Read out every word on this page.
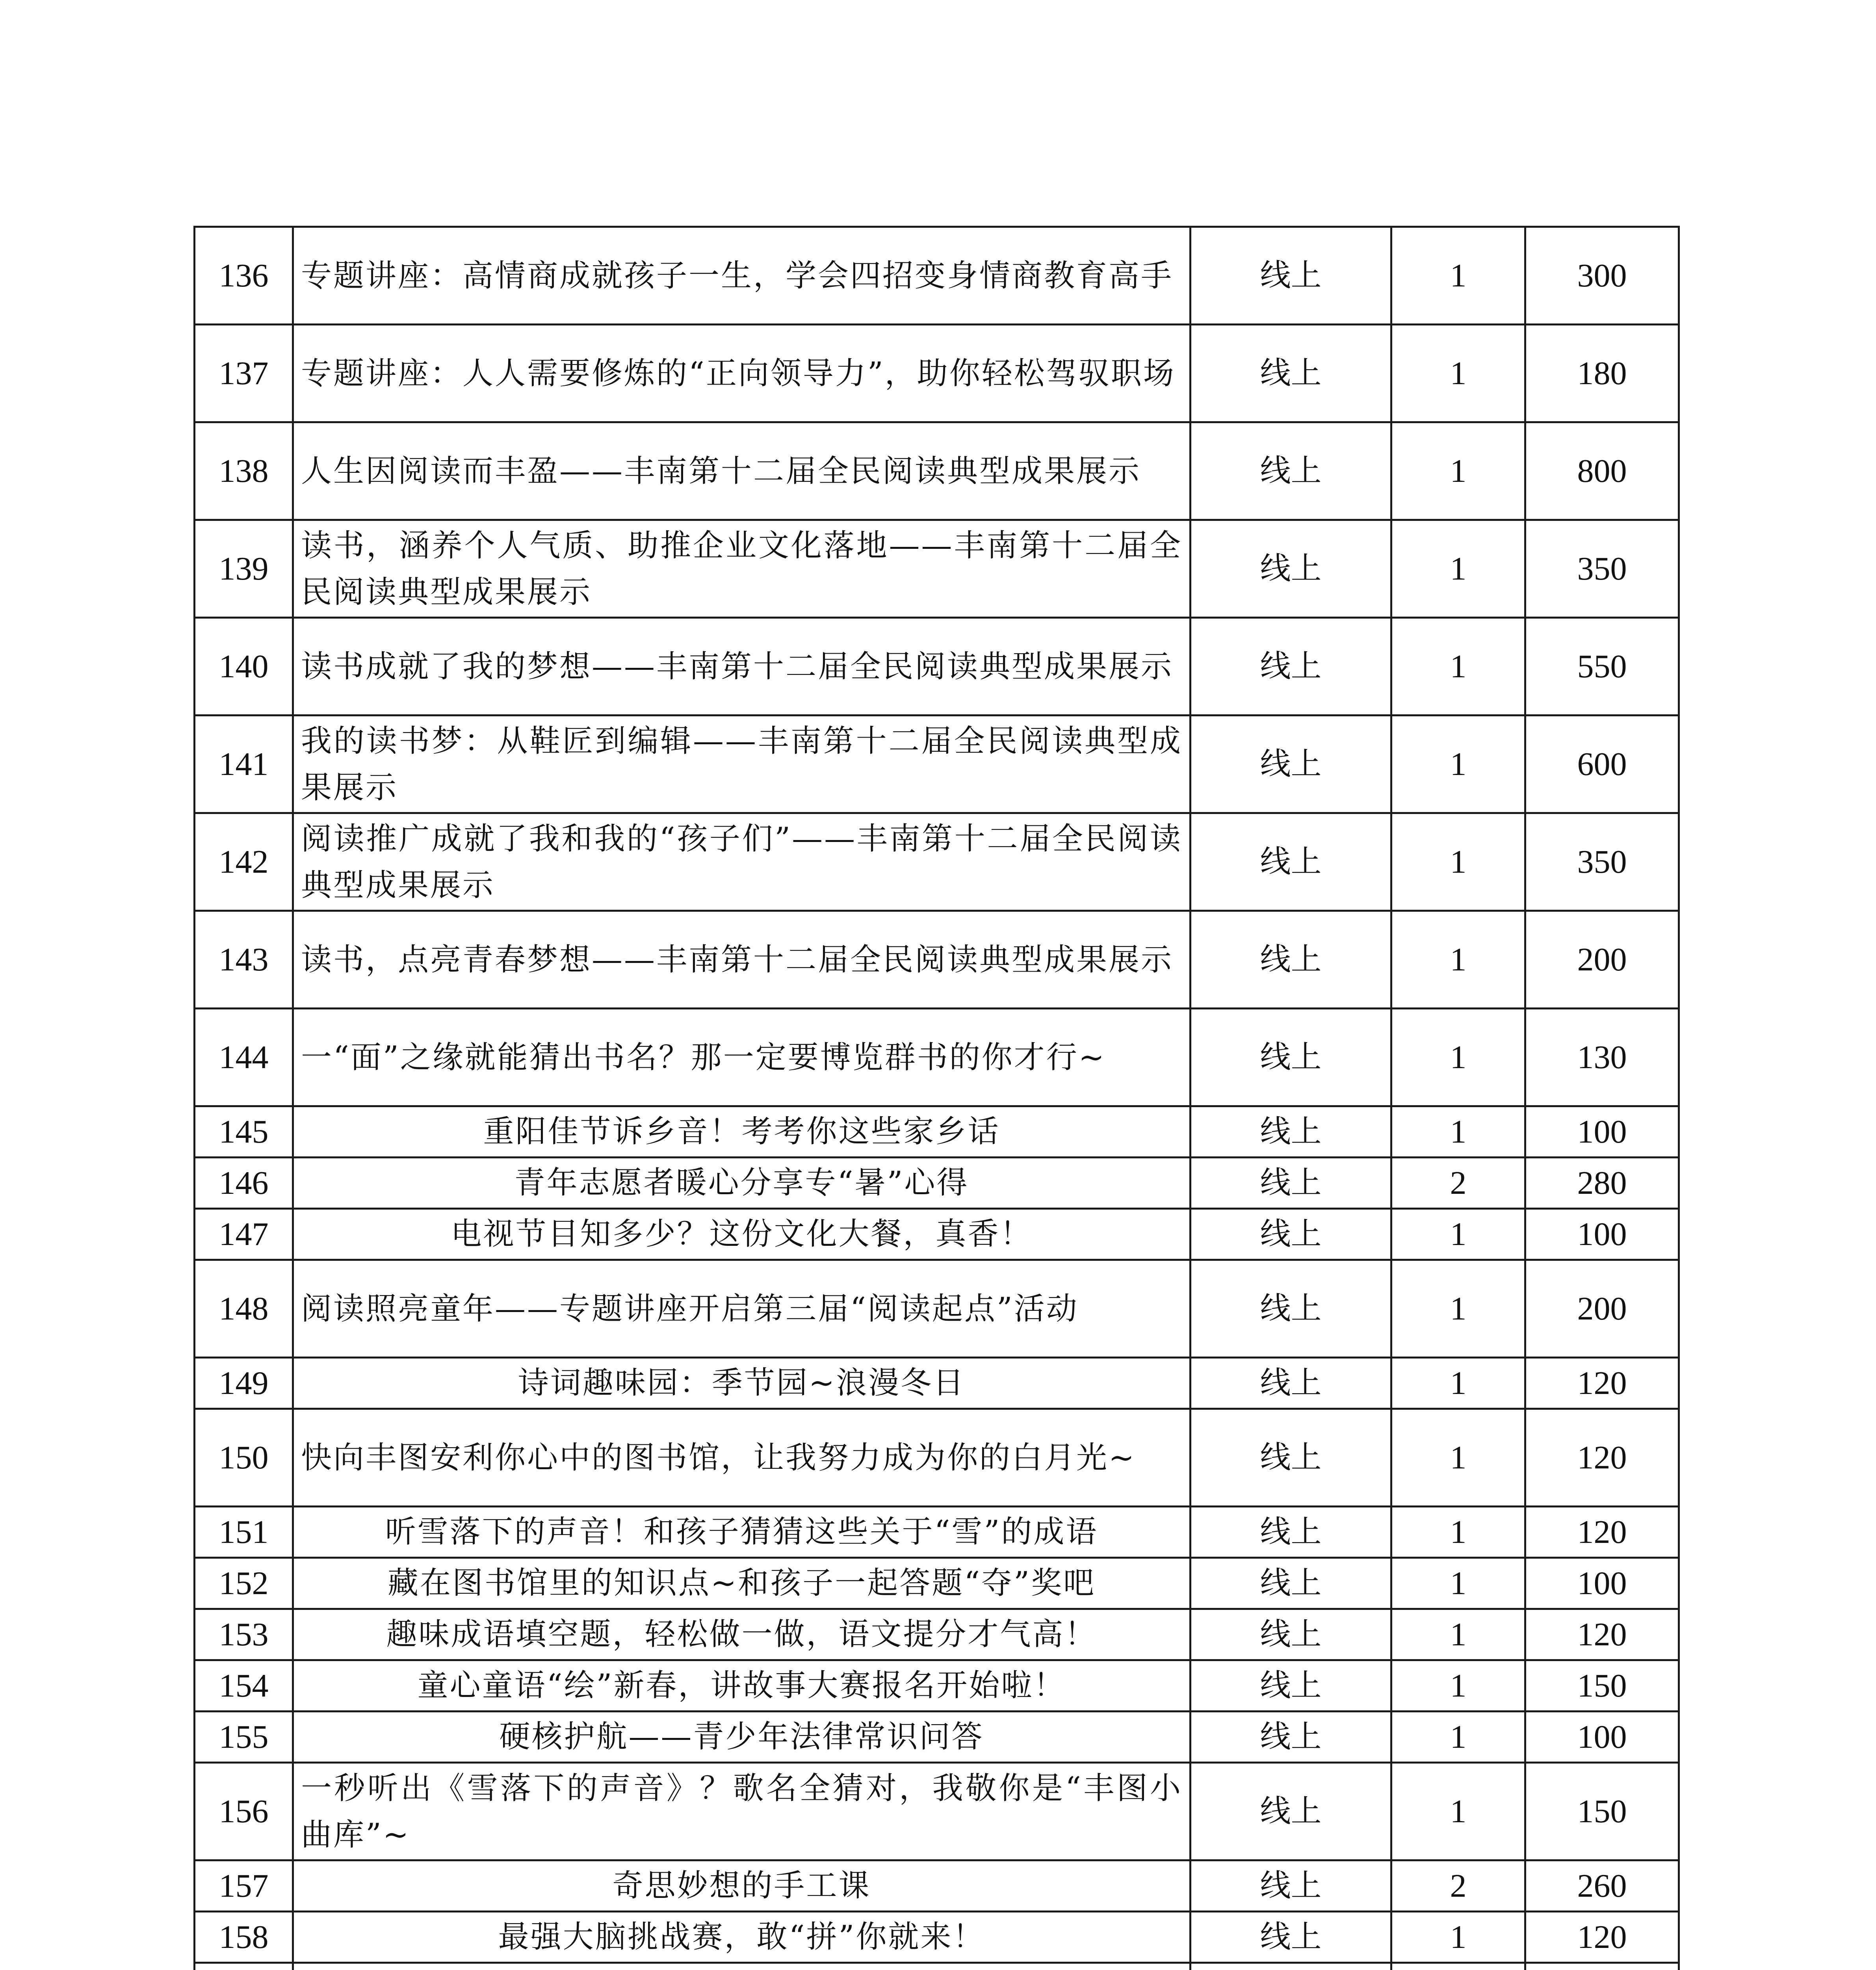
136	专题讲座：高情商成就孩子一生，学会四招变身情商教育高手	线上	1	300
137	专题讲座：人人需要修炼的“正向领导力”，助你轻松驾驭职场	线上	1	180
138	人生因阅读而丰盈——丰南第十二届全民阅读典型成果展示	线上	1	800
139	读书，涵养个人气质、助推企业文化落地——丰南第十二届全民阅读典型成果展示	线上	1	350
140	读书成就了我的梦想——丰南第十二届全民阅读典型成果展示	线上	1	550
141	我的读书梦：从鞋匠到编辑——丰南第十二届全民阅读典型成果展示	线上	1	600
142	阅读推广成就了我和我的“孩子们”——丰南第十二届全民阅读典型成果展示	线上	1	350
143	读书，点亮青春梦想——丰南第十二届全民阅读典型成果展示	线上	1	200
144	一“面”之缘就能猜出书名？那一定要博览群书的你才行~	线上	1	130
145	重阳佳节诉乡音！考考你这些家乡话	线上	1	100
146	青年志愿者暖心分享专“暑”心得	线上	2	280
147	电视节目知多少？这份文化大餐，真香！	线上	1	100
148	阅读照亮童年——专题讲座开启第三届“阅读起点”活动	线上	1	200
149	诗词趣味园：季节园~浪漫冬日	线上	1	120
150	快向丰图安利你心中的图书馆，让我努力成为你的白月光~	线上	1	120
151	听雪落下的声音！和孩子猜猜这些关于“雪”的成语	线上	1	120
152	藏在图书馆里的知识点~和孩子一起答题“夺”奖吧	线上	1	100
153	趣味成语填空题，轻松做一做，语文提分才气高！	线上	1	120
154	童心童语“绘”新春，讲故事大赛报名开始啦！	线上	1	150
155	硬核护航——青少年法律常识问答	线上	1	100
156	一秒听出《雪落下的声音》？歌名全猜对，我敬你是“丰图小曲库”~	线上	1	150
157	奇思妙想的手工课	线上	2	260
158	最强大脑挑战赛，敢“拼”你就来！	线上	1	120
